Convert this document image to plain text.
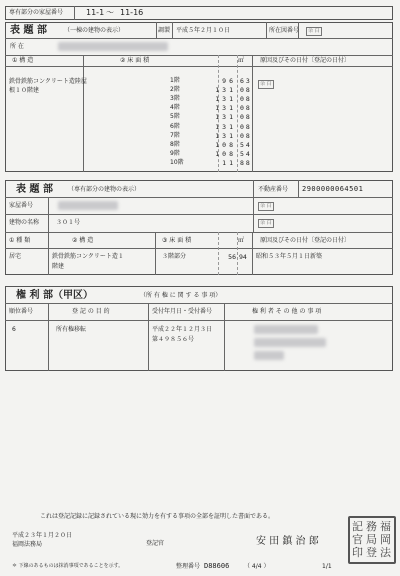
専有部分の家屋番号	11-1 〜 11-16
表 題 部	（一棟の建物の表示）	調製 平成５年２月１０日	所在図番号	余 白
所 在
① 構 造	② 床 面 積	㎡	原因及びその日付〔登記の日付〕
鉄骨鉄筋コンクリート造陸屋
根１０階建
1階	96 63
2階	131 08
3階	131 08
4階	131 08
5階	131 08
6階	131 08
7階	131 08
8階	108 54
9階	108 54
10階	11 88
余 白
表 題 部	（専有部分の建物の表示）	不動産番号 2900000064501
家屋番号	余 白
建物の名称	３０１号	余 白
① 種 類	② 構 造	③ 床 面 積	㎡	原因及びその日付〔登記の日付〕
居宅	鉄骨鉄筋コンクリート造１
階建
３階部分	56 94 昭和５３年５月１日新築
権 利 部（甲区）	（所 有 権 に 関 す る 事 項）
順位番号	登 記 の 目 的	受付年月日・受付番号	権 利 者 そ の 他 の 事 項
6	所有権移転	平成２２年１２月３日
第４９８５６号
これは登記記録に記録されている現に効力を有する事項の全部を証明した書面である。
平成２３年１月２０日
福岡法務局	登記官	安 田 鎮 治 郎
福
岡
法
務
局
登
記
官
印
＊ 下線のあるものは抹消事項であることを示す。	整理番号 D88606 （ 4/4 ）	1/1
